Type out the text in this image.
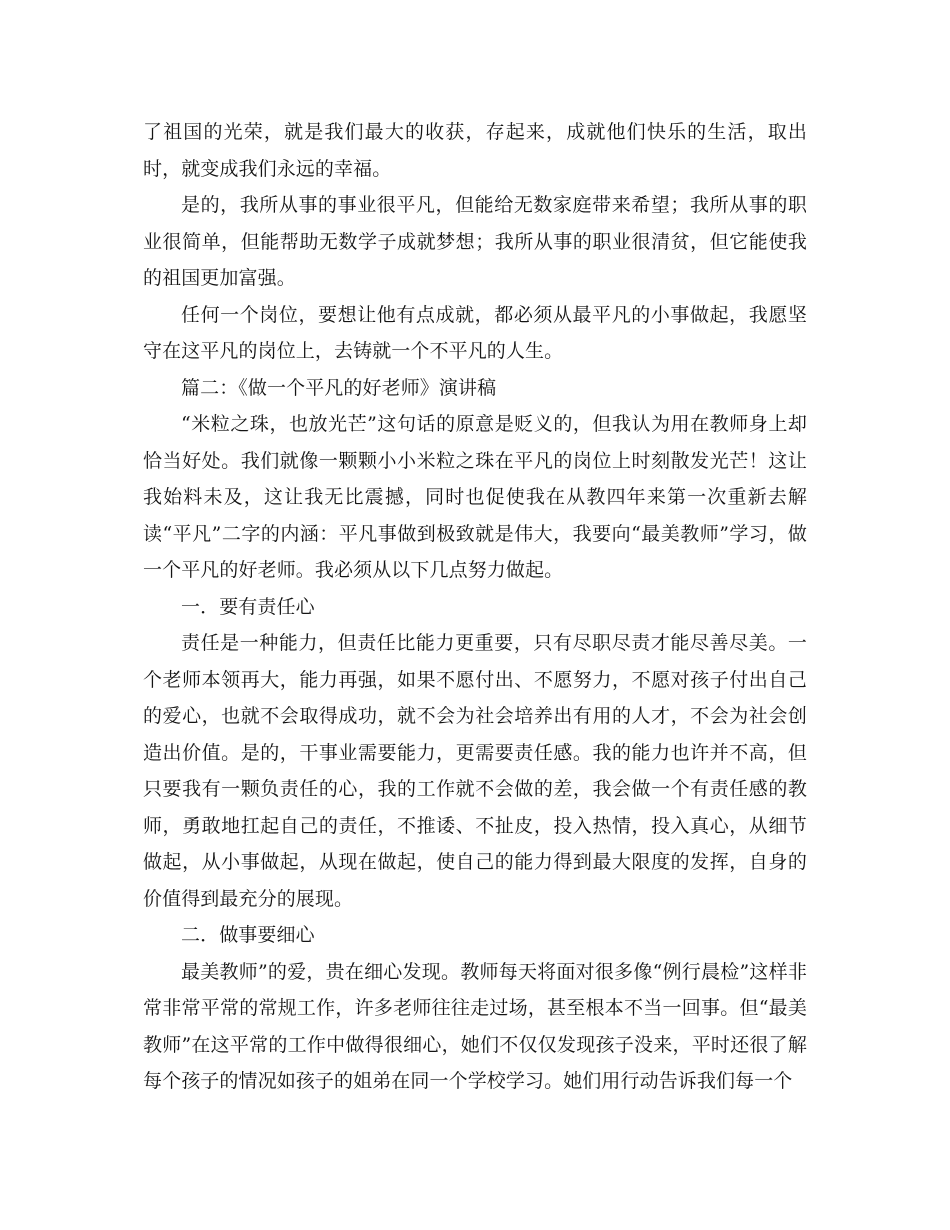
了祖国的光荣，就是我们最大的收获，存起来，成就他们快乐的生活，取出时，就变成我们永远的幸福。

是的，我所从事的事业很平凡，但能给无数家庭带来希望；我所从事的职业很简单，但能帮助无数学子成就梦想；我所从事的职业很清贫，但它能使我的祖国更加富强。

任何一个岗位，要想让他有点成就，都必须从最平凡的小事做起，我愿坚守在这平凡的岗位上，去铸就一个不平凡的人生。

篇二：《做一个平凡的好老师》演讲稿

“米粒之珠，也放光芒”这句话的原意是贬义的，但我认为用在教师身上却恰当好处。我们就像一颗颗小小米粒之珠在平凡的岗位上时刻散发光芒！这让我始料未及，这让我无比震撼，同时也促使我在从教四年来第一次重新去解读“平凡”二字的内涵：平凡事做到极致就是伟大，我要向“最美教师”学习，做一个平凡的好老师。我必须从以下几点努力做起。

一．要有责任心

责任是一种能力，但责任比能力更重要，只有尽职尽责才能尽善尽美。一个老师本领再大，能力再强，如果不愿付出、不愿努力，不愿对孩子付出自己的爱心，也就不会取得成功，就不会为社会培养出有用的人才，不会为社会创造出价值。是的，干事业需要能力，更需要责任感。我的能力也许并不高，但只要我有一颗负责任的心，我的工作就不会做的差，我会做一个有责任感的教师，勇敢地扛起自己的责任，不推诿、不扯皮，投入热情，投入真心，从细节做起，从小事做起，从现在做起，使自己的能力得到最大限度的发挥，自身的价值得到最充分的展现。

二．做事要细心

最美教师”的爱，贵在细心发现。教师每天将面对很多像“例行晨检”这样非常非常平常的常规工作，许多老师往往走过场，甚至根本不当一回事。但“最美教师”在这平常的工作中做得很细心，她们不仅仅发现孩子没来，平时还很了解每个孩子的情况如孩子的姐弟在同一个学校学习。她们用行动告诉我们每一个
